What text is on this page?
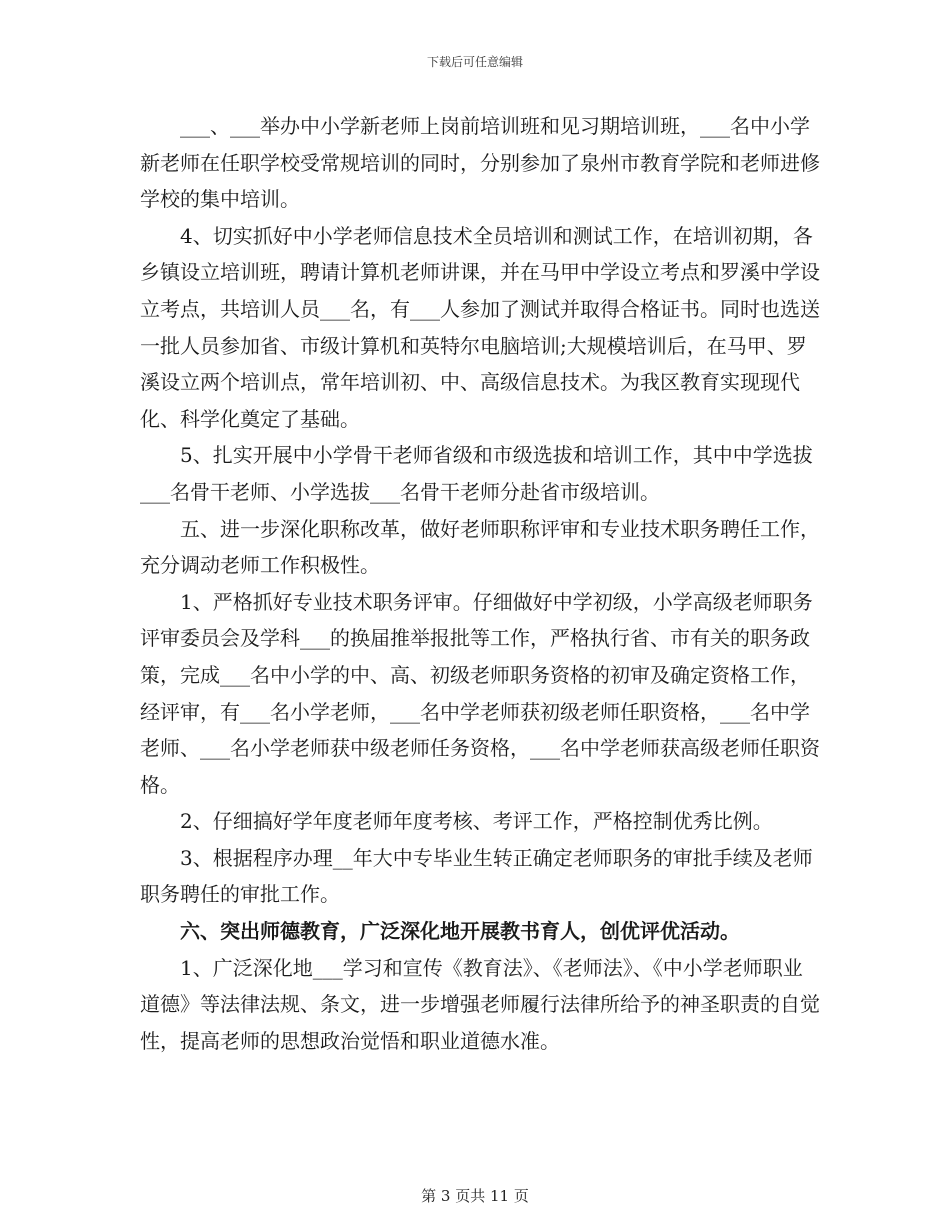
下载后可任意编辑

___、___举办中小学新老师上岗前培训班和见习期培训班，___名中小学新老师在任职学校受常规培训的同时，分别参加了泉州市教育学院和老师进修学校的集中培训。

4、切实抓好中小学老师信息技术全员培训和测试工作，在培训初期，各乡镇设立培训班，聘请计算机老师讲课，并在马甲中学设立考点和罗溪中学设立考点，共培训人员___名，有___人参加了测试并取得合格证书。同时也选送一批人员参加省、市级计算机和英特尔电脑培训;大规模培训后，在马甲、罗溪设立两个培训点，常年培训初、中、高级信息技术。为我区教育实现现代化、科学化奠定了基础。

5、扎实开展中小学骨干老师省级和市级选拔和培训工作，其中中学选拔___名骨干老师、小学选拔___名骨干老师分赴省市级培训。

五、进一步深化职称改革，做好老师职称评审和专业技术职务聘任工作，充分调动老师工作积极性。

1、严格抓好专业技术职务评审。仔细做好中学初级，小学高级老师职务评审委员会及学科___的换届推举报批等工作，严格执行省、市有关的职务政策，完成___名中小学的中、高、初级老师职务资格的初审及确定资格工作，经评审，有___名小学老师，___名中学老师获初级老师任职资格，___名中学老师、___名小学老师获中级老师任务资格，___名中学老师获高级老师任职资格。

2、仔细搞好学年度老师年度考核、考评工作，严格控制优秀比例。

3、根据程序办理__年大中专毕业生转正确定老师职务的审批手续及老师职务聘任的审批工作。

六、突出师德教育，广泛深化地开展教书育人，创优评优活动。

1、广泛深化地___学习和宣传《教育法》、《老师法》、《中小学老师职业道德》等法律法规、条文，进一步增强老师履行法律所给予的神圣职责的自觉性，提高老师的思想政治觉悟和职业道德水准。

第 3 页共 11 页
